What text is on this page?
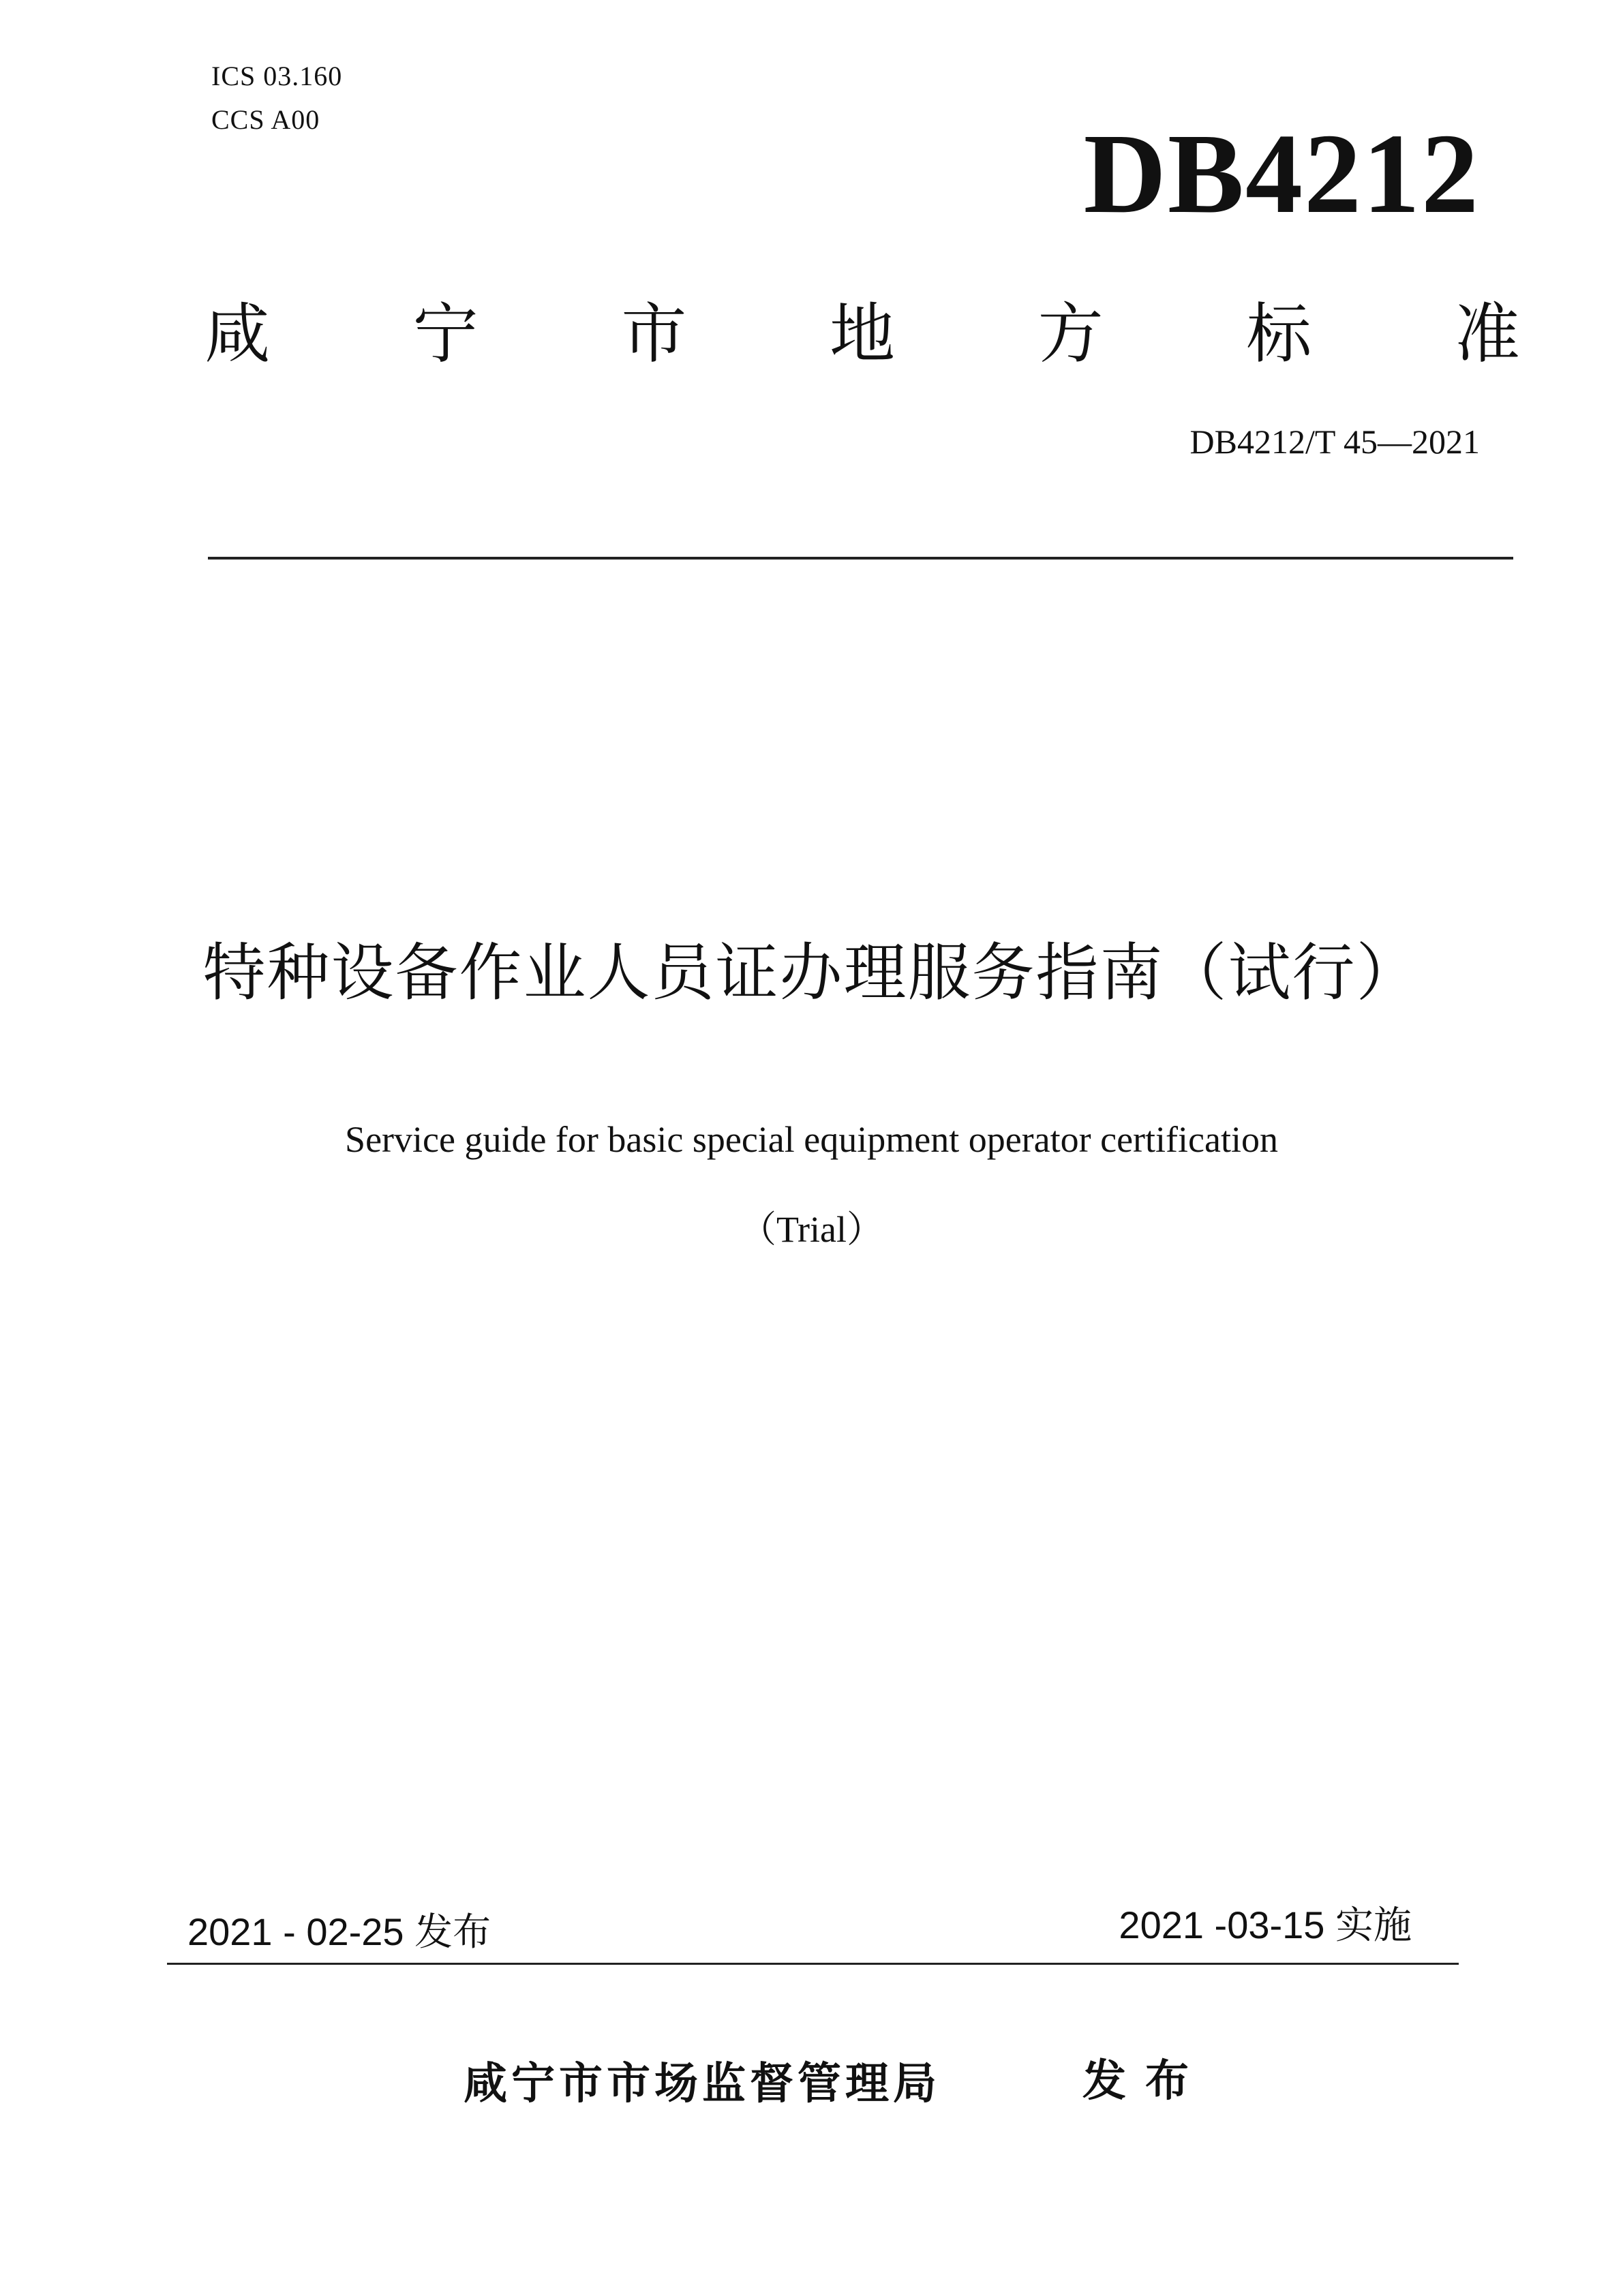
ICS 03.160
CCS A00	DB4212
咸 宁 市 地 方 标 准
DB4212/T 45—2021
特种设备作业人员证办理服务指南（试行）
Service guide for basic special equipment operator certification
（Trial）
2021 - 02-25 发布	2021 -03-15 实施
咸宁市市场监督管理局	发布
